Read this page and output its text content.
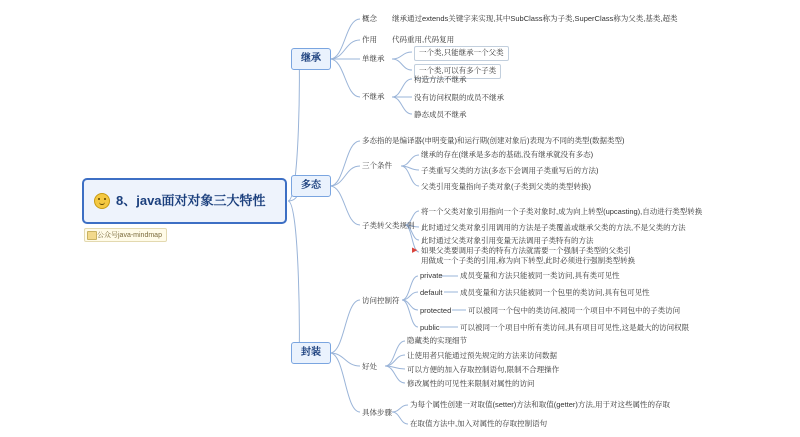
8、java面对对象三大特性
公众号java-mindmap
继承
概念 继承通过extends关键字来实现,其中SubClass称为子类,SuperClass称为父类,基类,超类
作用 代码重用,代码复用
单继承
一个类,只能继承一个父类
一个类,可以有多个子类
不继承
构造方法不继承
没有访问权限的成员不继承
静态成员不继承
多态
多态指的是编译器(申明变量)和运行期(创建对象后)表现为不同的类型(数据类型)
三个条件
继承的存在(继承是多态的基础,没有继承就没有多态)
子类重写父类的方法(多态下会调用子类重写后的方法)
父类引用变量指向子类对象(子类到父类的类型转换)
子类转父类规则
将一个父类对象引用指向一个子类对象时,成为向上转型(upcasting),自动进行类型转换
此时通过父类对象引用调用的方法是子类覆盖或继承父类的方法,不是父类的方法
此时通过父类对象引用变量无法调用子类特有的方法
▶ 如果父类要调用子类的特有方法就需要一个强制子类型的父类引用做成一个子类的引用,称为向下转型,此时必须进行强制类型转换
封装
访问控制符
private 成员变量和方法只能被同一类访问,具有类可见性
default 成员变量和方法只能被同一个包里的类访问,具有包可见性
protected 可以被同一个包中的类访问,被同一个项目中不同包中的子类访问
public	可以被同一个项目中所有类访问,具有项目可见性,这是最大的访问权限
好处
隐藏类的实现细节
让使用者只能通过预先规定的方法来访问数据
可以方便的加入存取控制语句,限制不合理操作
修改属性的可见性来限制对属性的访问
具体步骤
为每个属性创建一对取值(setter)方法和取值(getter)方法,用于对这些属性的存取
在取值方法中,加入对属性的存取控制语句
